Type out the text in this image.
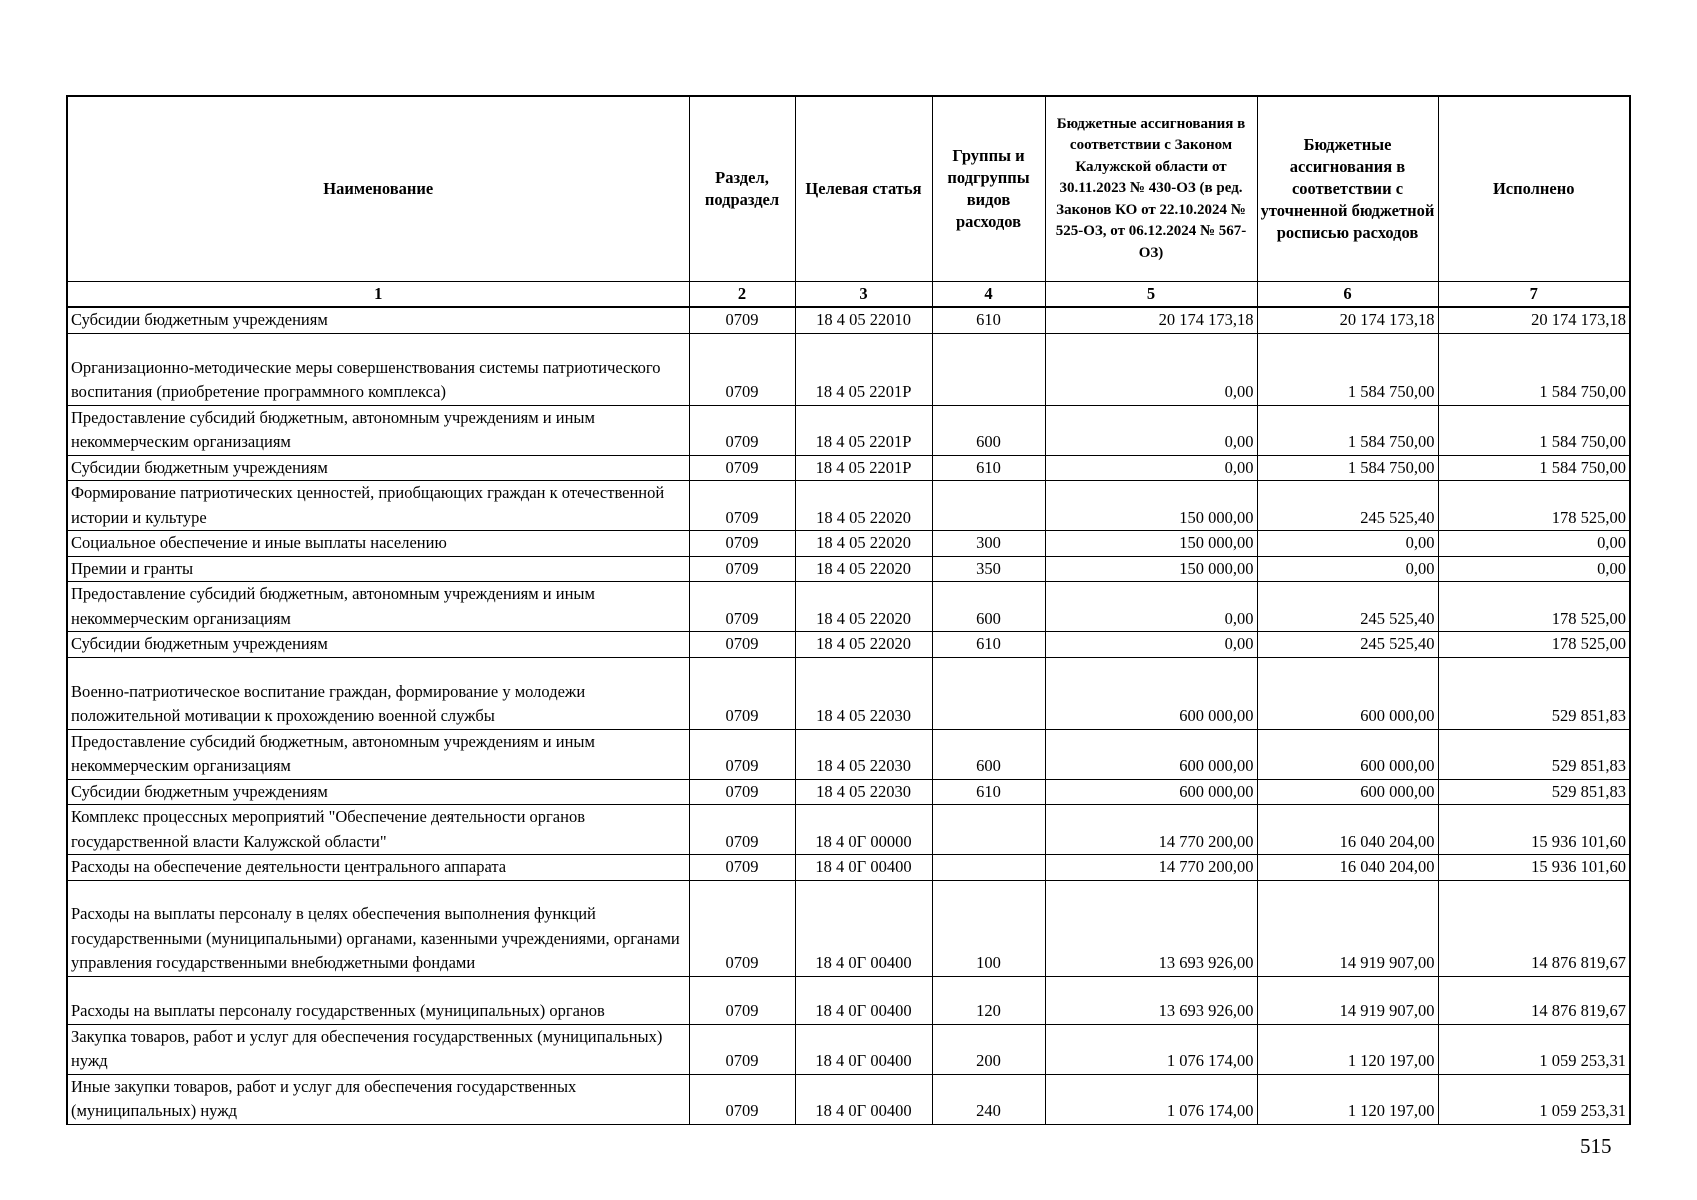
Наименование	Раздел, подраздел	Целевая статья	Группы и подгруппы видов расходов	Бюджетные ассигнования в соответствии с Законом Калужской области от 30.11.2023 № 430-ОЗ (в ред. Законов КО от 22.10.2024 № 525-ОЗ, от 06.12.2024 № 567-ОЗ)	Бюджетные ассигнования в соответствии с уточненной бюджетной росписью расходов	Исполнено
1	2	3	4	5	6	7
Субсидии бюджетным учреждениям	0709	18 4 05 22010	610	20 174 173,18	20 174 173,18	20 174 173,18
Организационно-методические меры совершенствования системы патриотического воспитания (приобретение программного комплекса)	0709	18 4 05 2201Р		0,00	1 584 750,00	1 584 750,00
Предоставление субсидий бюджетным, автономным учреждениям и иным некоммерческим организациям	0709	18 4 05 2201Р	600	0,00	1 584 750,00	1 584 750,00
Субсидии бюджетным учреждениям	0709	18 4 05 2201Р	610	0,00	1 584 750,00	1 584 750,00
Формирование патриотических ценностей, приобщающих граждан к отечественной истории и культуре	0709	18 4 05 22020		150 000,00	245 525,40	178 525,00
Социальное обеспечение и иные выплаты населению	0709	18 4 05 22020	300	150 000,00	0,00	0,00
Премии и гранты	0709	18 4 05 22020	350	150 000,00	0,00	0,00
Предоставление субсидий бюджетным, автономным учреждениям и иным некоммерческим организациям	0709	18 4 05 22020	600	0,00	245 525,40	178 525,00
Субсидии бюджетным учреждениям	0709	18 4 05 22020	610	0,00	245 525,40	178 525,00
Военно-патриотическое воспитание граждан, формирование у молодежи положительной мотивации к прохождению военной службы	0709	18 4 05 22030		600 000,00	600 000,00	529 851,83
Предоставление субсидий бюджетным, автономным учреждениям и иным некоммерческим организациям	0709	18 4 05 22030	600	600 000,00	600 000,00	529 851,83
Субсидии бюджетным учреждениям	0709	18 4 05 22030	610	600 000,00	600 000,00	529 851,83
Комплекс процессных мероприятий "Обеспечение деятельности органов государственной власти Калужской области"	0709	18 4 0Г 00000		14 770 200,00	16 040 204,00	15 936 101,60
Расходы на обеспечение деятельности центрального аппарата	0709	18 4 0Г 00400		14 770 200,00	16 040 204,00	15 936 101,60
Расходы на выплаты персоналу в целях обеспечения выполнения функций государственными (муниципальными) органами, казенными учреждениями, органами управления государственными внебюджетными фондами	0709	18 4 0Г 00400	100	13 693 926,00	14 919 907,00	14 876 819,67
Расходы на выплаты персоналу государственных (муниципальных) органов	0709	18 4 0Г 00400	120	13 693 926,00	14 919 907,00	14 876 819,67
Закупка товаров, работ и услуг для обеспечения государственных (муниципальных) нужд	0709	18 4 0Г 00400	200	1 076 174,00	1 120 197,00	1 059 253,31
Иные закупки товаров, работ и услуг для обеспечения государственных (муниципальных) нужд	0709	18 4 0Г 00400	240	1 076 174,00	1 120 197,00	1 059 253,31
515
